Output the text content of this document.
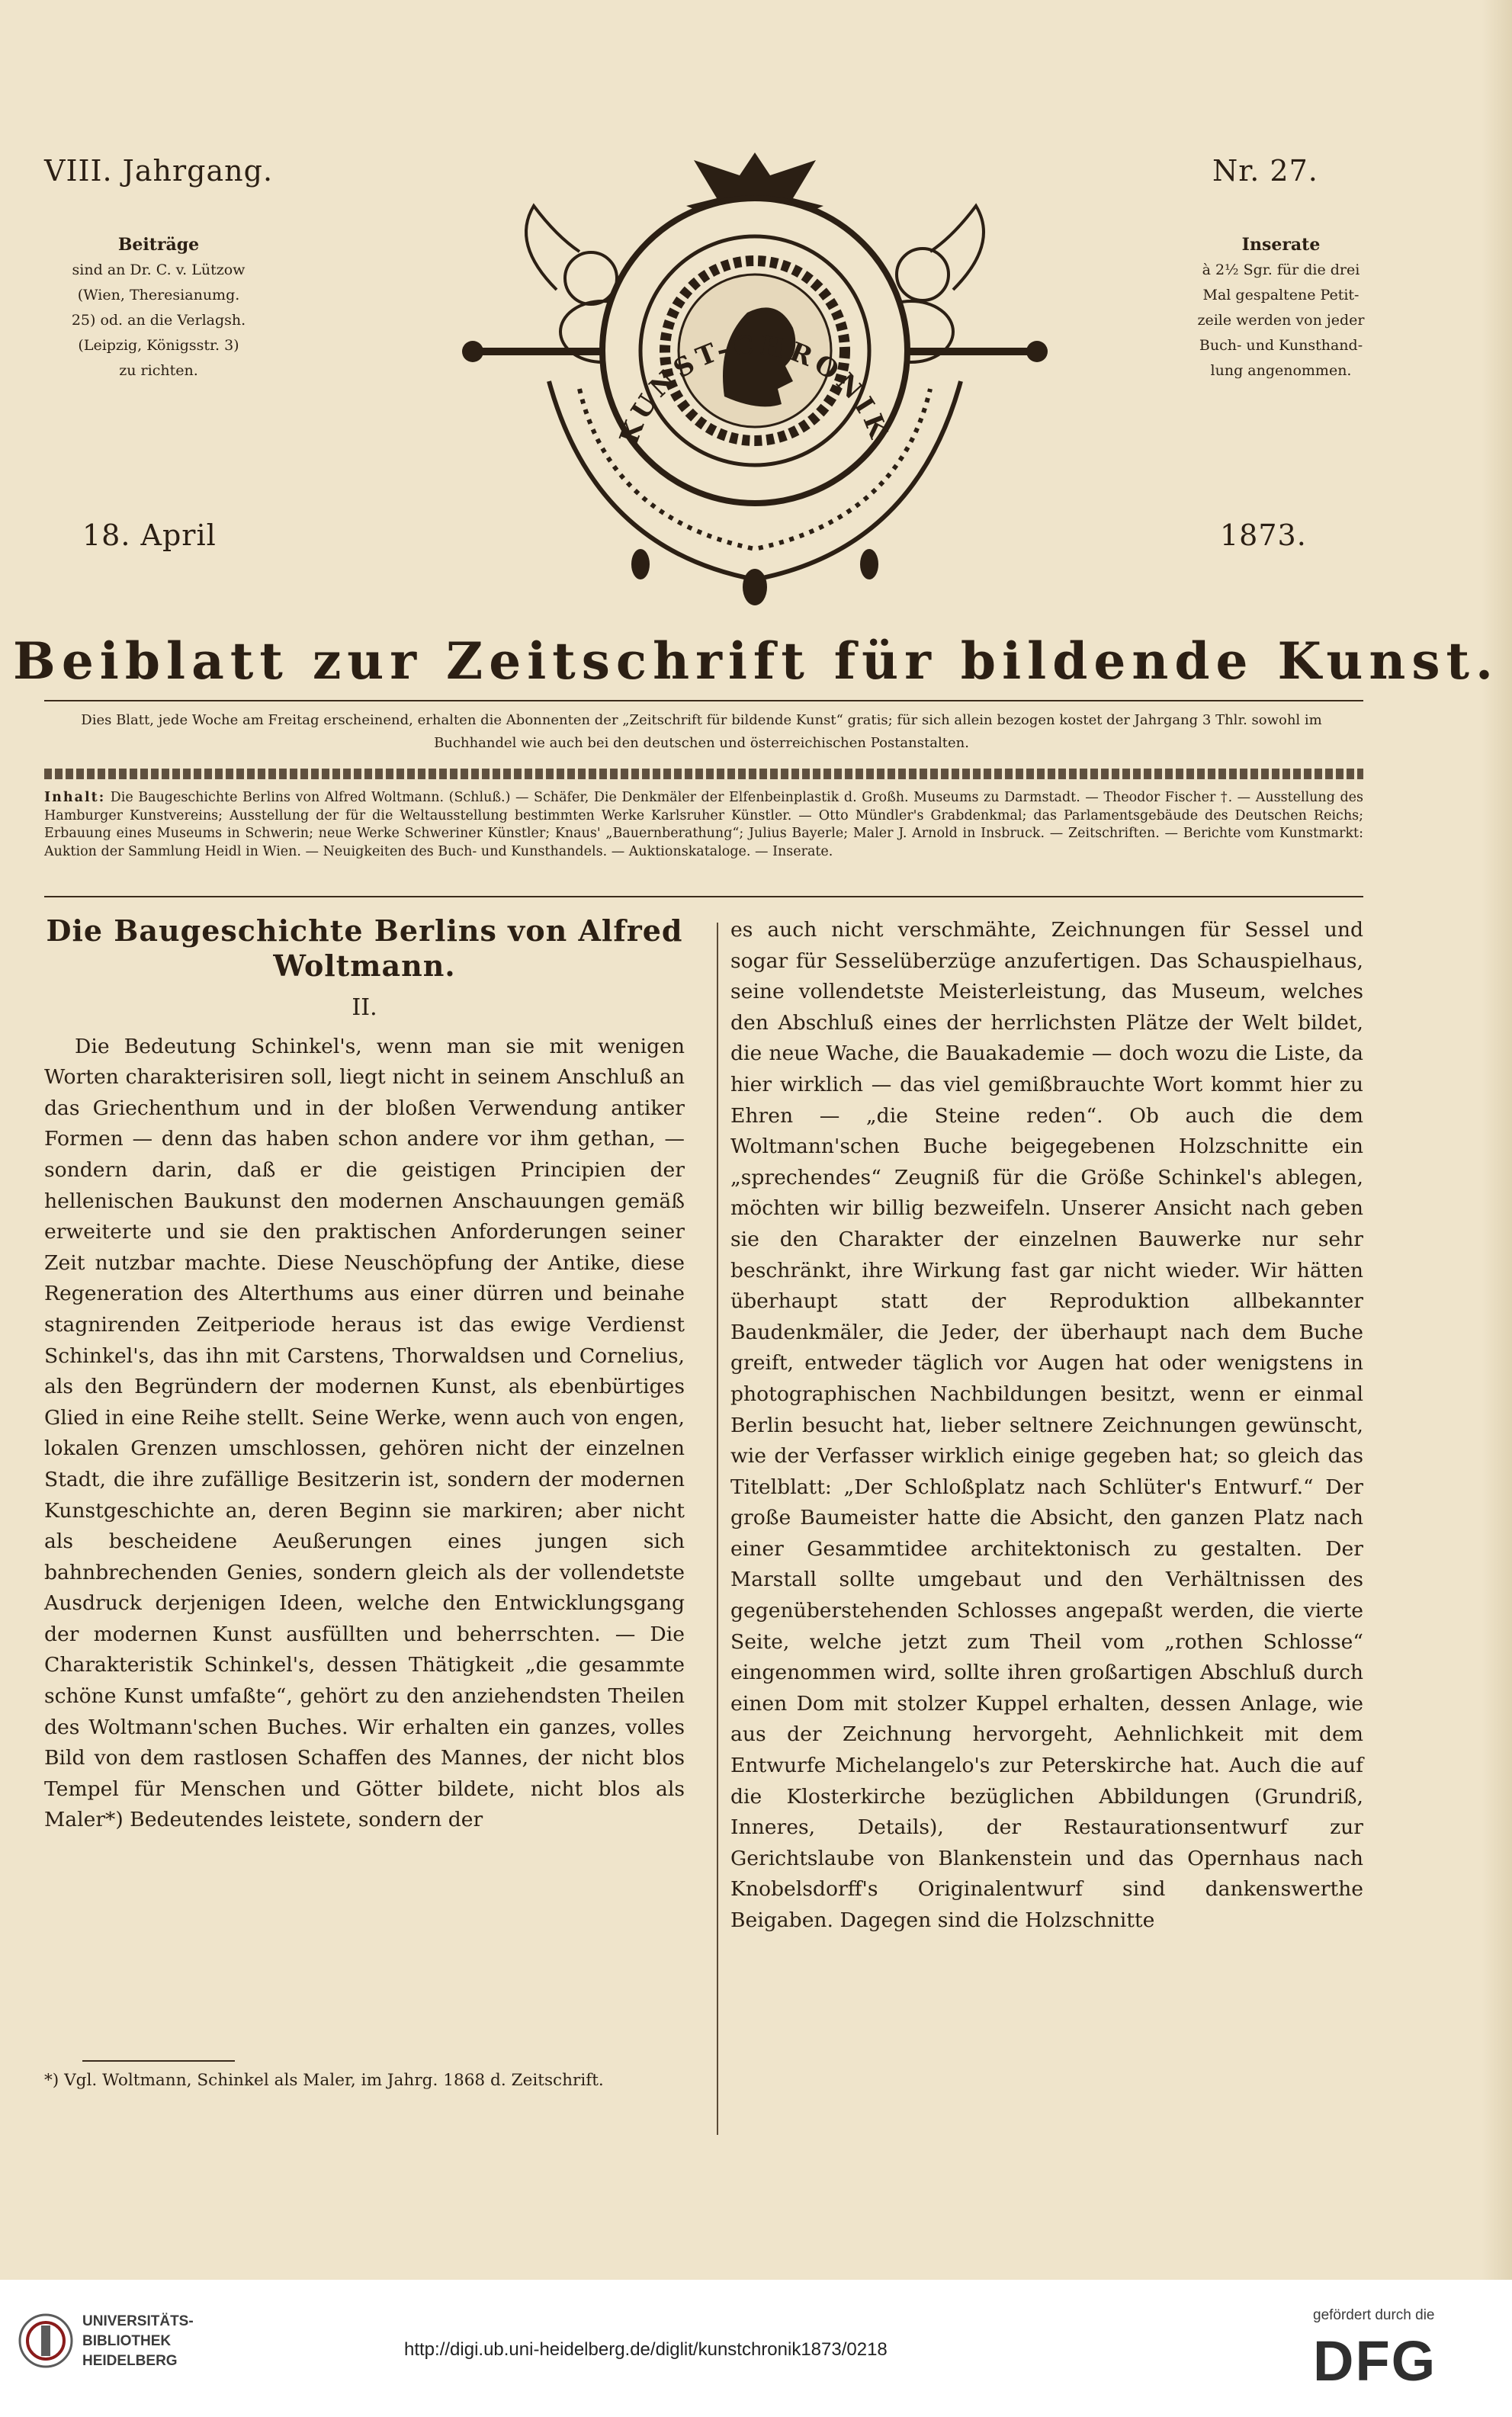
VIII. Jahrgang.	Nr. 27.
Beiträge
sind an Dr. C. v. Lützow
(Wien, Theresianumg.
25) od. an die Verlagsh.
(Leipzig, Königsstr. 3)
zu richten.
Inserate
à 2½ Sgr. für die drei
Mal gespaltene Petit-
zeile werden von jeder
Buch- und Kunsthand-
lung angenommen.
KUNST-CHRONIK
18. April	1873.
Beiblatt zur Zeitschrift für bildende Kunst.
Dies Blatt, jede Woche am Freitag erscheinend, erhalten die Abonnenten der „Zeitschrift für bildende Kunst“ gratis; für sich allein bezogen kostet der Jahrgang 3 Thlr. sowohl im Buchhandel wie auch bei den deutschen und österreichischen Postanstalten.
Inhalt: Die Baugeschichte Berlins von Alfred Woltmann. (Schluß.) — Schäfer, Die Denkmäler der Elfenbeinplastik d. Großh. Museums zu Darmstadt. — Theodor Fischer †. — Ausstellung des Hamburger Kunstvereins; Ausstellung der für die Weltausstellung bestimmten Werke Karlsruher Künstler. — Otto Mündler's Grabdenkmal; das Parlamentsgebäude des Deutschen Reichs; Erbauung eines Museums in Schwerin; neue Werke Schweriner Künstler; Knaus' „Bauernberathung“; Julius Bayerle; Maler J. Arnold in Insbruck. — Zeitschriften. — Berichte vom Kunstmarkt: Auktion der Sammlung Heidl in Wien. — Neuigkeiten des Buch- und Kunsthandels. — Auktionskataloge. — Inserate.
Die Baugeschichte Berlins von Alfred Woltmann.
II.

Die Bedeutung Schinkel's, wenn man sie mit wenigen Worten charakterisiren soll, liegt nicht in seinem Anschluß an das Griechenthum und in der bloßen Verwendung antiker Formen — denn das haben schon andere vor ihm gethan, — sondern darin, daß er die geistigen Principien der hellenischen Baukunst den modernen Anschauungen gemäß erweiterte und sie den praktischen Anforderungen seiner Zeit nutzbar machte. Diese Neuschöpfung der Antike, diese Regeneration des Alterthums aus einer dürren und beinahe stagnirenden Zeitperiode heraus ist das ewige Verdienst Schinkel's, das ihn mit Carstens, Thorwaldsen und Cornelius, als den Begründern der modernen Kunst, als ebenbürtiges Glied in eine Reihe stellt. Seine Werke, wenn auch von engen, lokalen Grenzen umschlossen, gehören nicht der einzelnen Stadt, die ihre zufällige Besitzerin ist, sondern der modernen Kunstgeschichte an, deren Beginn sie markiren; aber nicht als bescheidene Aeußerungen eines jungen sich bahnbrechenden Genies, sondern gleich als der vollendetste Ausdruck derjenigen Ideen, welche den Entwicklungsgang der modernen Kunst ausfüllten und beherrschten. — Die Charakteristik Schinkel's, dessen Thätigkeit „die gesammte schöne Kunst umfaßte“, gehört zu den anziehendsten Theilen des Woltmann'schen Buches. Wir erhalten ein ganzes, volles Bild von dem rastlosen Schaffen des Mannes, der nicht blos Tempel für Menschen und Götter bildete, nicht blos als Maler*) Bedeutendes leistete, sondern der

es auch nicht verschmähte, Zeichnungen für Sessel und sogar für Sesselüberzüge anzufertigen. Das Schauspielhaus, seine vollendetste Meisterleistung, das Museum, welches den Abschluß eines der herrlichsten Plätze der Welt bildet, die neue Wache, die Bauakademie — doch wozu die Liste, da hier wirklich — das viel gemißbrauchte Wort kommt hier zu Ehren — „die Steine reden“. Ob auch die dem Woltmann'schen Buche beigegebenen Holzschnitte ein „sprechendes“ Zeugniß für die Größe Schinkel's ablegen, möchten wir billig bezweifeln. Unserer Ansicht nach geben sie den Charakter der einzelnen Bauwerke nur sehr beschränkt, ihre Wirkung fast gar nicht wieder. Wir hätten überhaupt statt der Reproduktion allbekannter Baudenkmäler, die Jeder, der überhaupt nach dem Buche greift, entweder täglich vor Augen hat oder wenigstens in photographischen Nachbildungen besitzt, wenn er einmal Berlin besucht hat, lieber seltnere Zeichnungen gewünscht, wie der Verfasser wirklich einige gegeben hat; so gleich das Titelblatt: „Der Schloßplatz nach Schlüter's Entwurf.“ Der große Baumeister hatte die Absicht, den ganzen Platz nach einer Gesammtidee architektonisch zu gestalten. Der Marstall sollte umgebaut und den Verhältnissen des gegenüberstehenden Schlosses angepaßt werden, die vierte Seite, welche jetzt zum Theil vom „rothen Schlosse“ eingenommen wird, sollte ihren großartigen Abschluß durch einen Dom mit stolzer Kuppel erhalten, dessen Anlage, wie aus der Zeichnung hervorgeht, Aehnlichkeit mit dem Entwurfe Michelangelo's zur Peterskirche hat. Auch die auf die Klosterkirche bezüglichen Abbildungen (Grundriß, Inneres, Details), der Restaurationsentwurf zur Gerichtslaube von Blankenstein und das Opernhaus nach Knobelsdorff's Originalentwurf sind dankenswerthe Beigaben. Dagegen sind die Holzschnitte

*) Vgl. Woltmann, Schinkel als Maler, im Jahrg. 1868 d. Zeitschrift.
UNIVERSITÄTS-
BIBLIOTHEK
HEIDELBERG
http://digi.ub.uni-heidelberg.de/diglit/kunstchronik1873/0218
gefördert durch die
DFG
